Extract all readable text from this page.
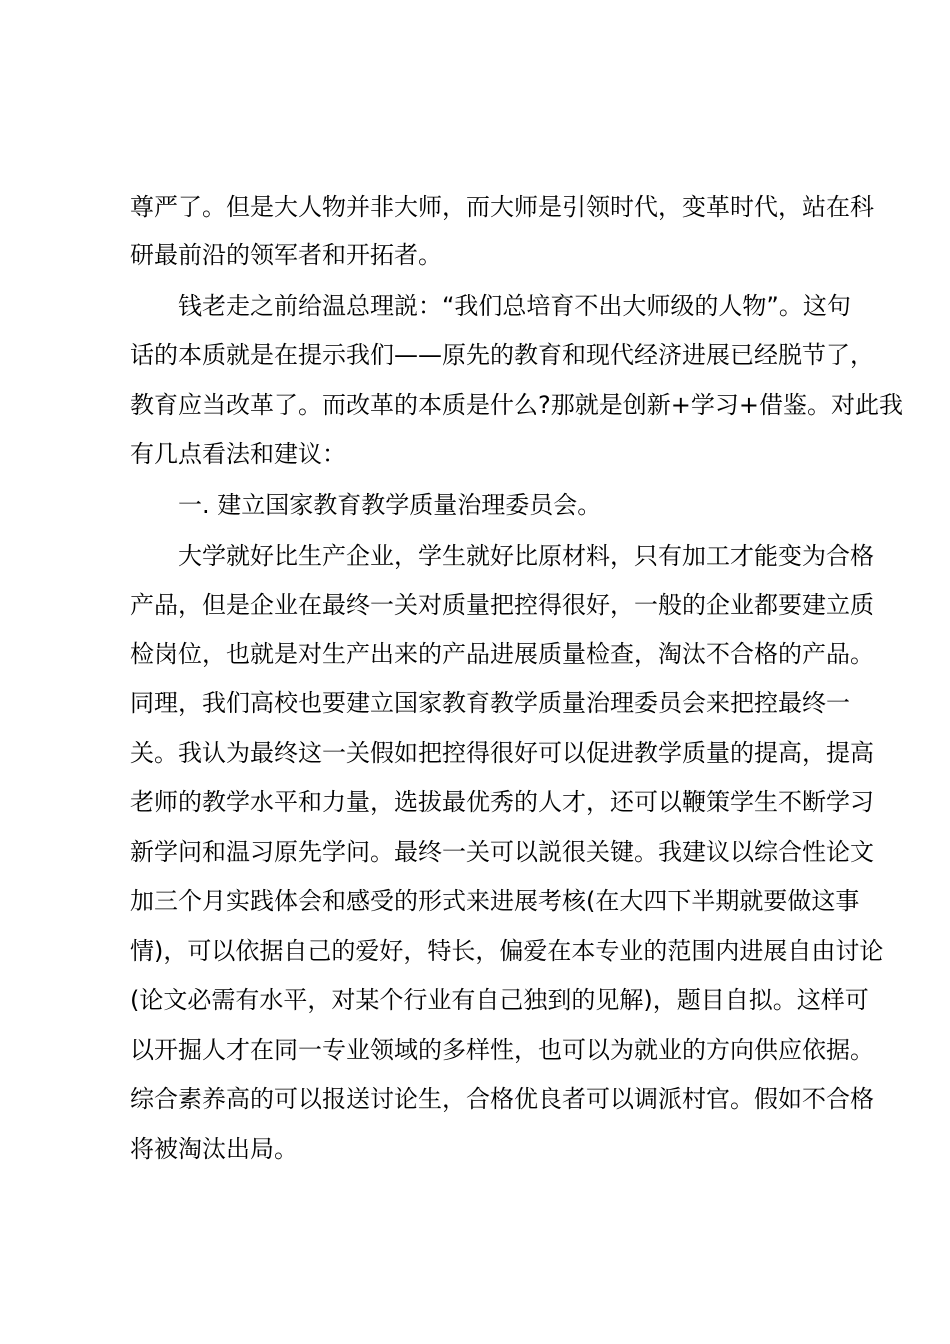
尊严了。但是大人物并非大师，而大师是引领时代，变革时代，站在科
研最前沿的领军者和开拓者。
钱老走之前给温总理説：“我们总培育不出大师级的人物”。这句
话的本质就是在提示我们——原先的教育和现代经济进展已经脱节了，
教育应当改革了。而改革的本质是什么?那就是创新+学习+借鉴。对此我
有几点看法和建议：
一. 建立国家教育教学质量治理委员会。
大学就好比生产企业，学生就好比原材料，只有加工才能变为合格
产品，但是企业在最终一关对质量把控得很好，一般的企业都要建立质
检岗位，也就是对生产出来的产品进展质量检查，淘汰不合格的产品。
同理，我们高校也要建立国家教育教学质量治理委员会来把控最终一
关。我认为最终这一关假如把控得很好可以促进教学质量的提高，提高
老师的教学水平和力量，选拔最优秀的人才，还可以鞭策学生不断学习
新学问和温习原先学问。最终一关可以説很关键。我建议以综合性论文
加三个月实践体会和感受的形式来进展考核(在大四下半期就要做这事
情)，可以依据自己的爱好，特长，偏爱在本专业的范围内进展自由讨论
(论文必需有水平，对某个行业有自己独到的见解)，题目自拟。这样可
以开掘人才在同一专业领域的多样性，也可以为就业的方向供应依据。
综合素养高的可以报送讨论生，合格优良者可以调派村官。假如不合格
将被淘汰出局。
